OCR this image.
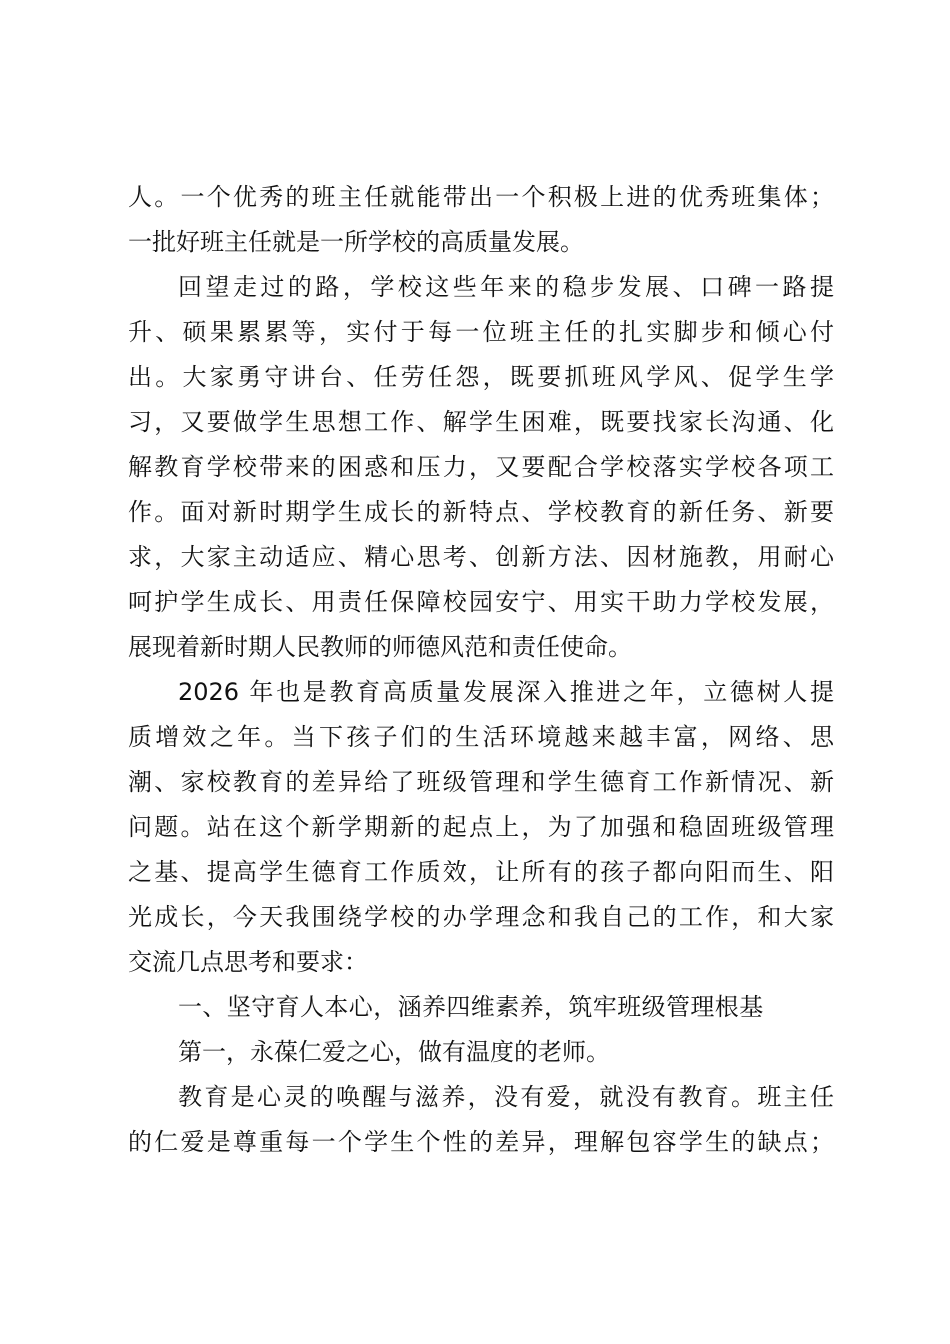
人。一个优秀的班主任就能带出一个积极上进的优秀班集体；
一批好班主任就是一所学校的高质量发展。
回望走过的路，学校这些年来的稳步发展、口碑一路提
升、硕果累累等，实付于每一位班主任的扎实脚步和倾心付
出。大家勇守讲台、任劳任怨，既要抓班风学风、促学生学
习，又要做学生思想工作、解学生困难，既要找家长沟通、化
解教育学校带来的困惑和压力，又要配合学校落实学校各项工
作。面对新时期学生成长的新特点、学校教育的新任务、新要
求，大家主动适应、精心思考、创新方法、因材施教，用耐心
呵护学生成长、用责任保障校园安宁、用实干助力学校发展，
展现着新时期人民教师的师德风范和责任使命。
2026 年也是教育高质量发展深入推进之年，立德树人提
质增效之年。当下孩子们的生活环境越来越丰富，网络、思
潮、家校教育的差异给了班级管理和学生德育工作新情况、新
问题。站在这个新学期新的起点上，为了加强和稳固班级管理
之基、提高学生德育工作质效，让所有的孩子都向阳而生、阳
光成长，今天我围绕学校的办学理念和我自己的工作，和大家
交流几点思考和要求：
一、坚守育人本心，涵养四维素养，筑牢班级管理根基
第一，永葆仁爱之心，做有温度的老师。
教育是心灵的唤醒与滋养，没有爱，就没有教育。班主任
的仁爱是尊重每一个学生个性的差异，理解包容学生的缺点；
